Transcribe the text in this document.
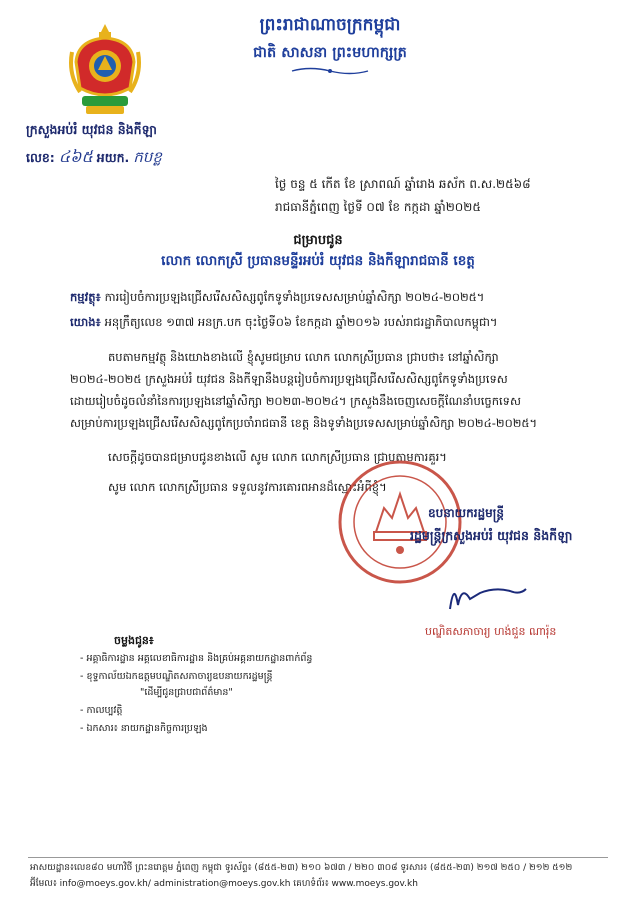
ព្រះរាជាណាចក្រកម្ពុជា
ជាតិ សាសនា ព្រះមហាក្សត្រ
ក្រសួងអប់រំ យុវជន និងកីឡា
លេខ: ៤៦៥ អយក. កបខ្ល
ថ្ងៃ ចន្ទ ៥ កើត ខែ ស្រាពណ៍ ឆ្នាំរោង ឆស័ក ព.ស.២៥៦៨
រាជធានីភ្នំពេញ ថ្ងៃទី ០៧ ខែ កក្កដា ឆ្នាំ២០២៥
ជម្រាបជូន
លោក លោកស្រី ប្រធានមន្ទីរអប់រំ យុវជន និងកីឡារាជធានី ខេត្ត
កម្មវត្ថុ៖ ការរៀបចំការប្រឡងជ្រើសរើសសិស្សពូកែទូទាំងប្រទេសសម្រាប់ឆ្នាំសិក្សា ២០២៤-២០២៥។
យោង៖ អនុក្រឹត្យលេខ ១៣៧ អនក្រ.បក ចុះថ្ងៃទី០៦ ខែកក្កដា ឆ្នាំ២០១៦ របស់រាជរដ្ឋាភិបាលកម្ពុជា។
តបតាមកម្មវត្ថុ និងយោងខាងលើ ខ្ញុំសូមជម្រាប លោក លោកស្រីប្រធាន ជ្រាបថា៖ នៅឆ្នាំសិក្សា
២០២៤-២០២៥ ក្រសួងអប់រំ យុវជន និងកីឡានឹងបន្តរៀបចំការប្រឡងជ្រើសរើសសិស្សពូកែទូទាំងប្រទេស
ដោយរៀបចំដូចលំនាំនៃការប្រឡងនៅឆ្នាំសិក្សា ២០២៣-២០២៤។ ក្រសួងនឹងចេញសេចក្តីណែនាំបច្ចេកទេស
សម្រាប់ការប្រឡងជ្រើសរើសសិស្សពូកែប្រចាំរាជធានី ខេត្ត និងទូទាំងប្រទេសសម្រាប់ឆ្នាំសិក្សា ២០២៤-២០២៥។
សេចក្តីដូចបានជម្រាបជូនខាងលើ សូម លោក លោកស្រីប្រធាន ជ្រាបតាមការគួរ។
សូម លោក លោកស្រីប្រធាន ទទួលនូវការគោរពអានដ៏ស្មោះអំពីខ្ញុំ។
ឧបនាយករដ្ឋមន្ត្រី
រដ្ឋមន្ត្រីក្រសួងអប់រំ យុវជន និងកីឡា
បណ្ឌិតសភាចារ្យ ហង់ជួន ណារ៉ុន
ចម្លងជូន៖
- អគ្គាធិការដ្ឋាន អគ្គលេខាធិការដ្ឋាន និងគ្រប់អគ្គនាយកដ្ឋានពាក់ព័ន្ធ
- ខុទ្ទកាល័យឯកឧត្តមបណ្ឌិតសភាចារ្យឧបនាយករដ្ឋមន្ត្រី
"ដើម្បីជូនជ្រាបជាព័ត៌មាន"
- កាលប្បវត្តិ
- ឯកសារ៖ នាយកដ្ឋានកិច្ចការប្រឡង
អាសយដ្ឋាន៖លេខ៨០ មហាវិថី ព្រះនរោត្តម ភ្នំពេញ កម្ពុជា ទូរស័ព្ទ៖ (៨៥៥-២៣) ២១០ ៦៧៣ / ២២០ ៣០៨ ទូរសារ៖ (៨៥៥-២៣) ២១៧ ២៥០ / ២១២ ៥១២
អ៊ីមែល៖ info@moeys.gov.kh/ administration@moeys.gov.kh គេហទំព័រ៖ www.moeys.gov.kh
